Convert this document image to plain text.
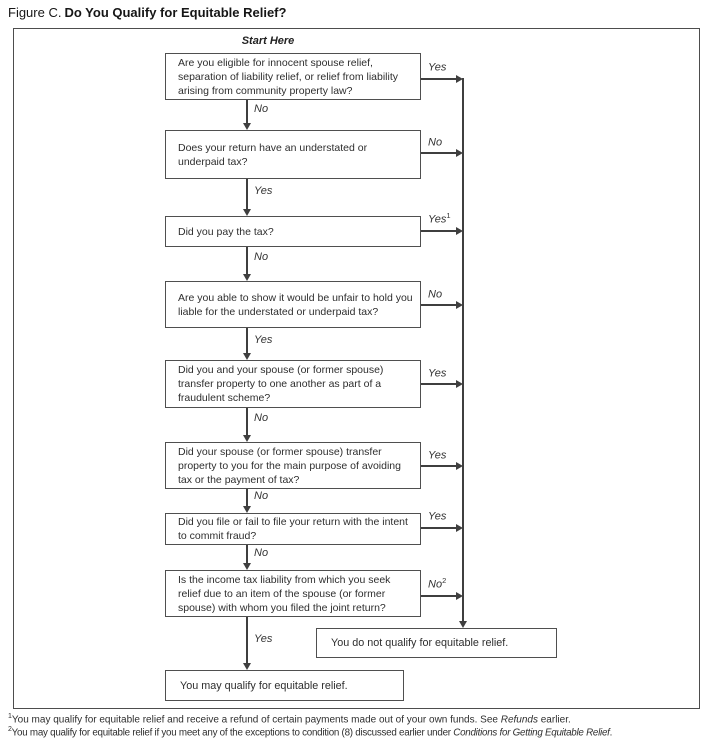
Figure C. Do You Qualify for Equitable Relief?
Start Here
Are you eligible for innocent spouse relief, separation of liability relief, or relief from liability arising from community property law?
Does your return have an understated or underpaid tax?
Did you pay the tax?
Are you able to show it would be unfair to hold you liable for the understated or underpaid tax?
Did you and your spouse (or former spouse) transfer property to one another as part of a fraudulent scheme?
Did your spouse (or former spouse) transfer property to you for the main purpose of avoiding tax or the payment of tax?
Did you file or fail to file your return with the intent to commit fraud?
Is the income tax liability from which you seek relief due to an item of the spouse (or former spouse) with whom you filed the joint return?
No
Yes
No
Yes
No
No
No
Yes
Yes
No
Yes$^1$
No
Yes
Yes
Yes
No$^2$
You do not qualify for equitable relief.
You may qualify for equitable relief.
$^1$You may qualify for equitable relief and receive a refund of certain payments made out of your own funds. See Refunds earlier.
$^2$You may qualify for equitable relief if you meet any of the exceptions to condition (8) discussed earlier under Conditions for Getting Equitable Relief.
